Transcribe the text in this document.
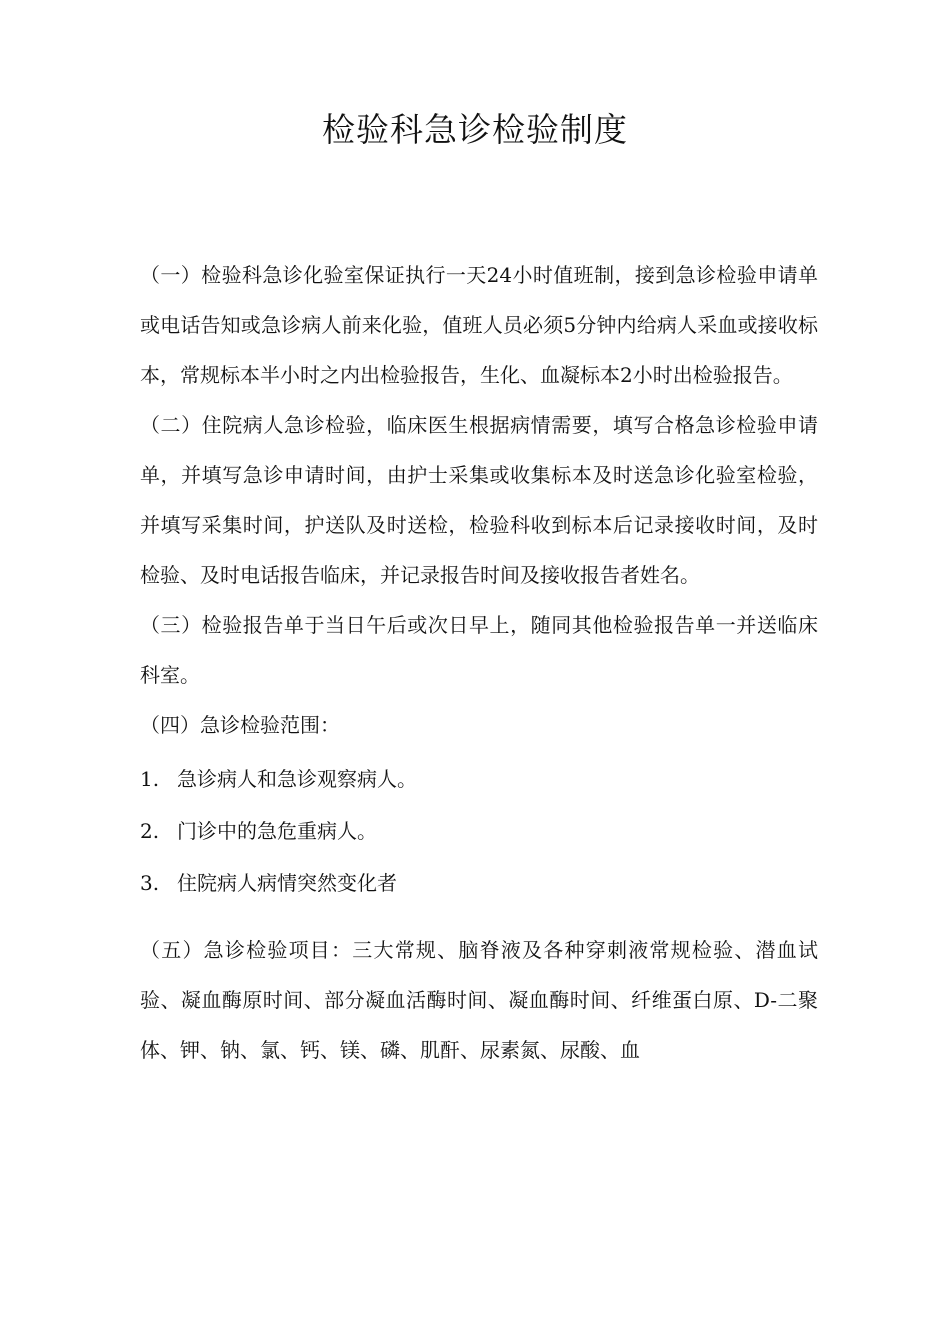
检验科急诊检验制度

（一）检验科急诊化验室保证执行一天24小时值班制，接到急诊检验申请单或电话告知或急诊病人前来化验，值班人员必须5分钟内给病人采血或接收标本，常规标本半小时之内出检验报告，生化、血凝标本2小时出检验报告。

（二）住院病人急诊检验，临床医生根据病情需要，填写合格急诊检验申请单，并填写急诊申请时间，由护士采集或收集标本及时送急诊化验室检验，并填写采集时间，护送队及时送检，检验科收到标本后记录接收时间，及时检验、及时电话报告临床，并记录报告时间及接收报告者姓名。

（三）检验报告单于当日午后或次日早上，随同其他检验报告单一并送临床科室。

（四）急诊检验范围：

1. 急诊病人和急诊观察病人。
2. 门诊中的急危重病人。
3. 住院病人病情突然变化者

（五）急诊检验项目：三大常规、脑脊液及各种穿刺液常规检验、潜血试验、凝血酶原时间、部分凝血活酶时间、凝血酶时间、纤维蛋白原、D-二聚体、钾、钠、氯、钙、镁、磷、肌酐、尿素氮、尿酸、血
